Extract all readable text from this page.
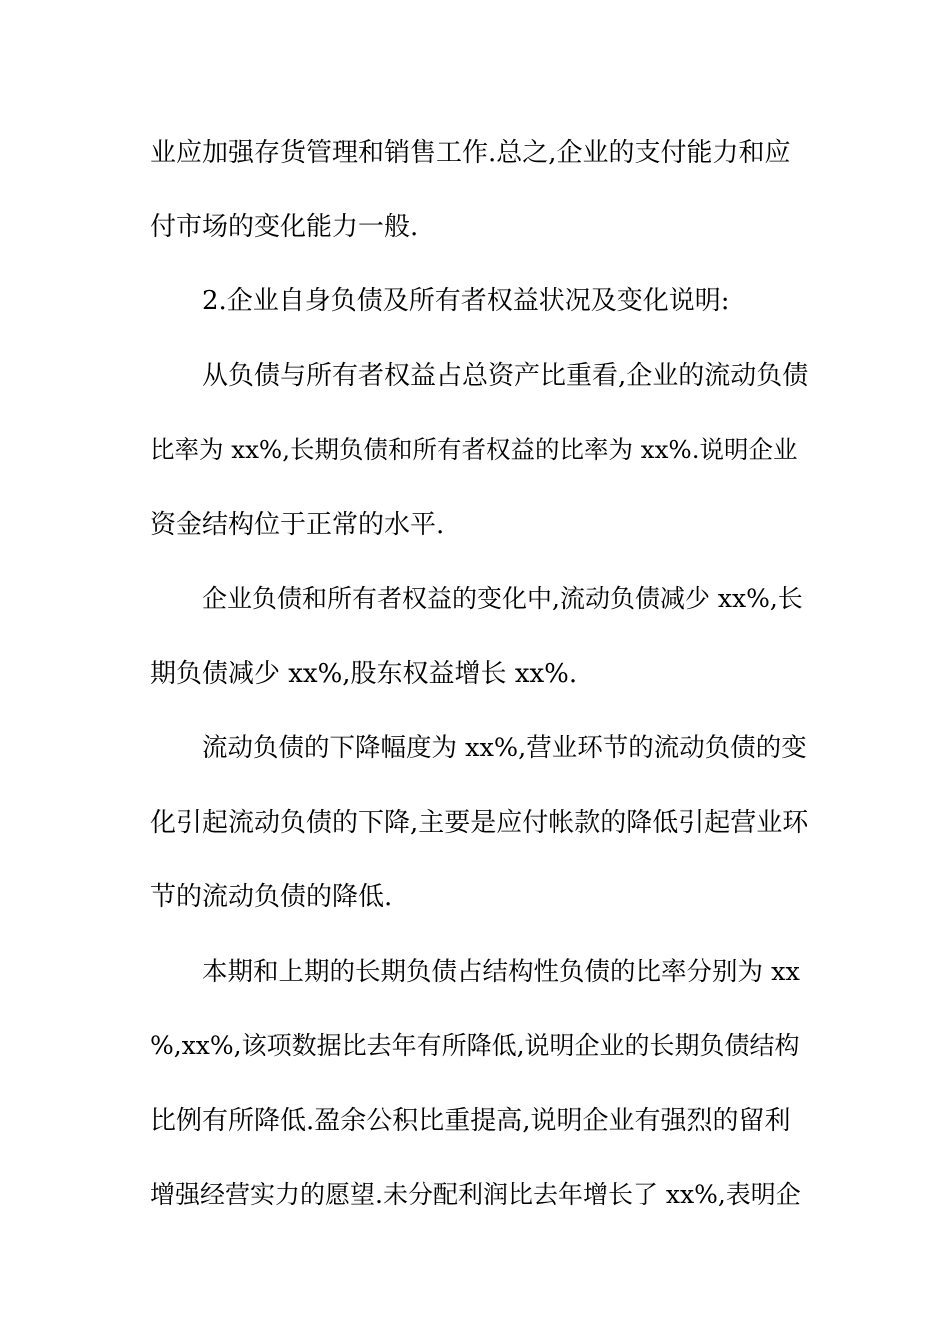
业应加强存货管理和销售工作.总之,企业的支付能力和应
付市场的变化能力一般.
2.企业自身负债及所有者权益状况及变化说明:
从负债与所有者权益占总资产比重看,企业的流动负债
比率为 xx%,长期负债和所有者权益的比率为 xx%.说明企业
资金结构位于正常的水平.
企业负债和所有者权益的变化中,流动负债减少 xx%,长
期负债减少 xx%,股东权益增长 xx%.
流动负债的下降幅度为 xx%,营业环节的流动负债的变
化引起流动负债的下降,主要是应付帐款的降低引起营业环
节的流动负债的降低.
本期和上期的长期负债占结构性负债的比率分别为 xx
%,xx%,该项数据比去年有所降低,说明企业的长期负债结构
比例有所降低.盈余公积比重提高,说明企业有强烈的留利
增强经营实力的愿望.未分配利润比去年增长了 xx%,表明企
